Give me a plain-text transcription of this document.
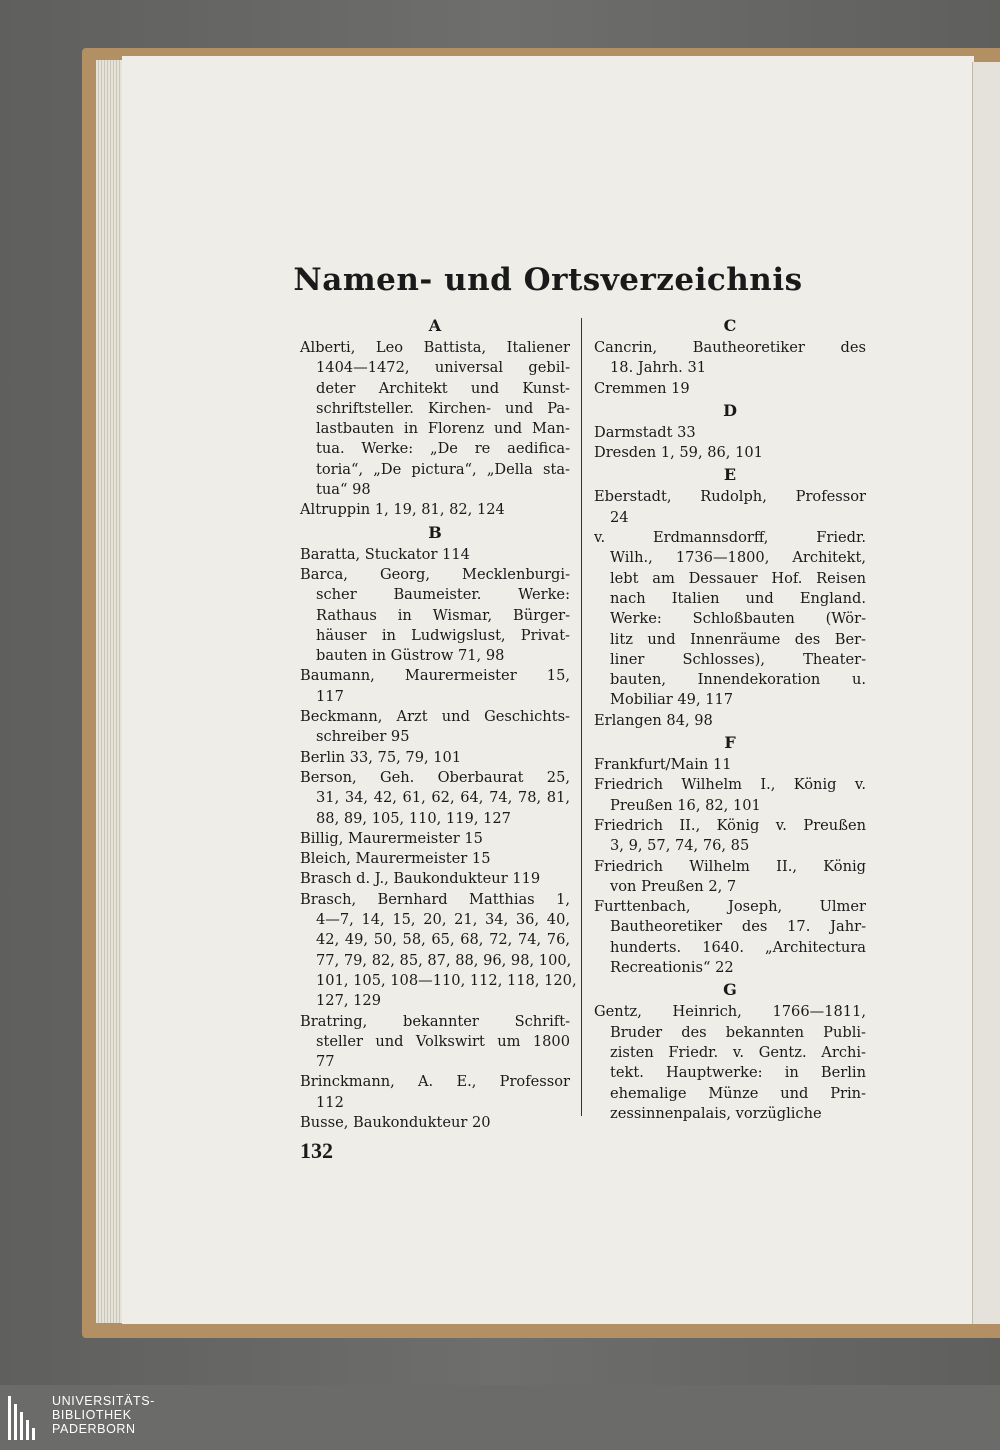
Namen- und Ortsverzeichnis
A
Alberti, Leo Battista, Italiener
1404—1472, universal gebil-
deter Architekt und Kunst-
schriftsteller. Kirchen- und Pa-
lastbauten in Florenz und Man-
tua. Werke: „De re aedifica-
toria“, „De pictura“, „Della sta-
tua“ 98
Altruppin 1, 19, 81, 82, 124
B
Baratta, Stuckator 114
Barca, Georg, Mecklenburgi-
scher Baumeister. Werke:
Rathaus in Wismar, Bürger-
häuser in Ludwigslust, Privat-
bauten in Güstrow 71, 98
Baumann, Maurermeister 15,
117
Beckmann, Arzt und Geschichts-
schreiber 95
Berlin 33, 75, 79, 101
Berson, Geh. Oberbaurat 25,
31, 34, 42, 61, 62, 64, 74, 78, 81,
88, 89, 105, 110, 119, 127
Billig, Maurermeister 15
Bleich, Maurermeister 15
Brasch d. J., Baukondukteur 119
Brasch, Bernhard Matthias 1,
4—7, 14, 15, 20, 21, 34, 36, 40,
42, 49, 50, 58, 65, 68, 72, 74, 76,
77, 79, 82, 85, 87, 88, 96, 98, 100,
101, 105, 108—110, 112, 118, 120,
127, 129
Bratring, bekannter Schrift-
steller und Volkswirt um 1800
77
Brinckmann, A. E., Professor
112
Busse, Baukondukteur 20
C
Cancrin, Bautheoretiker des
18. Jahrh. 31
Cremmen 19
D
Darmstadt 33
Dresden 1, 59, 86, 101
E
Eberstadt, Rudolph, Professor
24
v. Erdmannsdorff, Friedr.
Wilh., 1736—1800, Architekt,
lebt am Dessauer Hof. Reisen
nach Italien und England.
Werke: Schloßbauten (Wör-
litz und Innenräume des Ber-
liner Schlosses), Theater-
bauten, Innendekoration u.
Mobiliar 49, 117
Erlangen 84, 98
F
Frankfurt/Main 11
Friedrich Wilhelm I., König v.
Preußen 16, 82, 101
Friedrich II., König v. Preußen
3, 9, 57, 74, 76, 85
Friedrich Wilhelm II., König
von Preußen 2, 7
Furttenbach, Joseph, Ulmer
Bautheoretiker des 17. Jahr-
hunderts. 1640. „Architectura
Recreationis“ 22
G
Gentz, Heinrich, 1766—1811,
Bruder des bekannten Publi-
zisten Friedr. v. Gentz. Archi-
tekt. Hauptwerke: in Berlin
ehemalige Münze und Prin-
zessinnenpalais, vorzügliche
132
UNIVERSITÄTS-
BIBLIOTHEK
PADERBORN
